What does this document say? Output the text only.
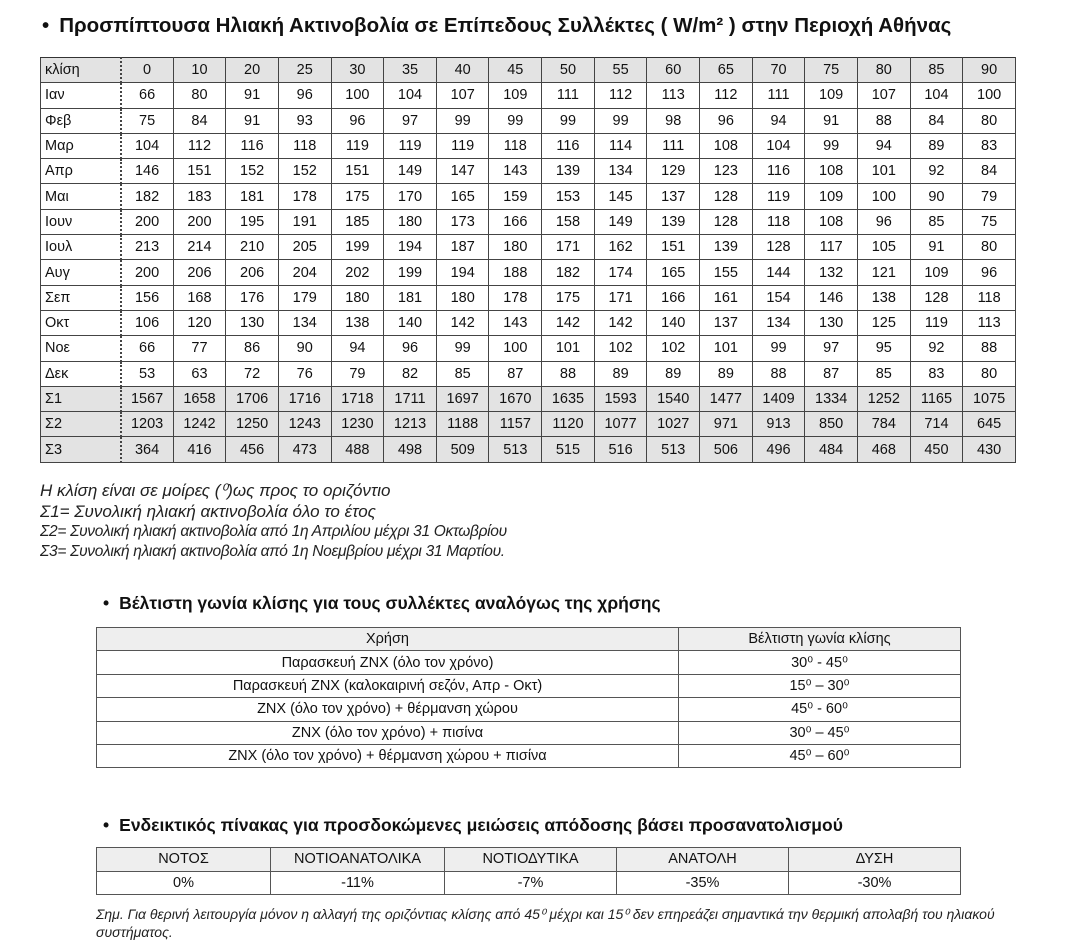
• Προσπίπτουσα Ηλιακή Ακτινοβολία σε Επίπεδους Συλλέκτες ( W/m² ) στην Περιοχή Αθήνας
κλίση	0	10	20	25	30	35	40	45	50	55	60	65	70	75	80	85	90
Ιαν	66	80	91	96	100	104	107	109	111	112	113	112	111	109	107	104	100
Φεβ	75	84	91	93	96	97	99	99	99	99	98	96	94	91	88	84	80
Μαρ	104	112	116	118	119	119	119	118	116	114	111	108	104	99	94	89	83
Απρ	146	151	152	152	151	149	147	143	139	134	129	123	116	108	101	92	84
Μαι	182	183	181	178	175	170	165	159	153	145	137	128	119	109	100	90	79
Ιουν	200	200	195	191	185	180	173	166	158	149	139	128	118	108	96	85	75
Ιουλ	213	214	210	205	199	194	187	180	171	162	151	139	128	117	105	91	80
Αυγ	200	206	206	204	202	199	194	188	182	174	165	155	144	132	121	109	96
Σεπ	156	168	176	179	180	181	180	178	175	171	166	161	154	146	138	128	118
Οκτ	106	120	130	134	138	140	142	143	142	142	140	137	134	130	125	119	113
Νοε	66	77	86	90	94	96	99	100	101	102	102	101	99	97	95	92	88
Δεκ	53	63	72	76	79	82	85	87	88	89	89	89	88	87	85	83	80
Σ1	1567	1658	1706	1716	1718	1711	1697	1670	1635	1593	1540	1477	1409	1334	1252	1165	1075
Σ2	1203	1242	1250	1243	1230	1213	1188	1157	1120	1077	1027	971	913	850	784	714	645
Σ3	364	416	456	473	488	498	509	513	515	516	513	506	496	484	468	450	430
Η κλίση είναι σε μοίρες (⁰)ως προς το οριζόντιο
Σ1= Συνολική ηλιακή ακτινοβολία όλο το έτος
Σ2= Συνολική ηλιακή ακτινοβολία από 1η Απριλίου μέχρι 31 Οκτωβρίου
Σ3= Συνολική ηλιακή ακτινοβολία από 1η Νοεμβρίου μέχρι 31 Μαρτίου.
• Βέλτιστη γωνία κλίσης για τους συλλέκτες αναλόγως της χρήσης
Χρήση	Βέλτιστη γωνία κλίσης
Παρασκευή ΖΝΧ (όλο τον χρόνο)	30⁰ - 45⁰
Παρασκευή ΖΝΧ (καλοκαιρινή σεζόν, Απρ - Οκτ)	15⁰ – 30⁰
ΖΝΧ (όλο τον χρόνο) + θέρμανση χώρου	45⁰ - 60⁰
ΖΝΧ (όλο τον χρόνο) + πισίνα	30⁰ – 45⁰
ΖΝΧ (όλο τον χρόνο) + θέρμανση χώρου + πισίνα	45⁰ – 60⁰
• Ενδεικτικός πίνακας για προσδοκώμενες μειώσεις απόδοσης βάσει προσανατολισμού
ΝΟΤΟΣ	ΝΟΤΙΟΑΝΑΤΟΛΙΚΑ	ΝΟΤΙΟΔΥΤΙΚΑ	ΑΝΑΤΟΛΗ	ΔΥΣΗ
0%	-11%	-7%	-35%	-30%
Σημ. Για θερινή λειτουργία μόνον η αλλαγή της οριζόντιας κλίσης από 45⁰ μέχρι και 15⁰ δεν επηρεάζει σημαντικά την θερμική απολαβή του ηλιακού συστήματος.
